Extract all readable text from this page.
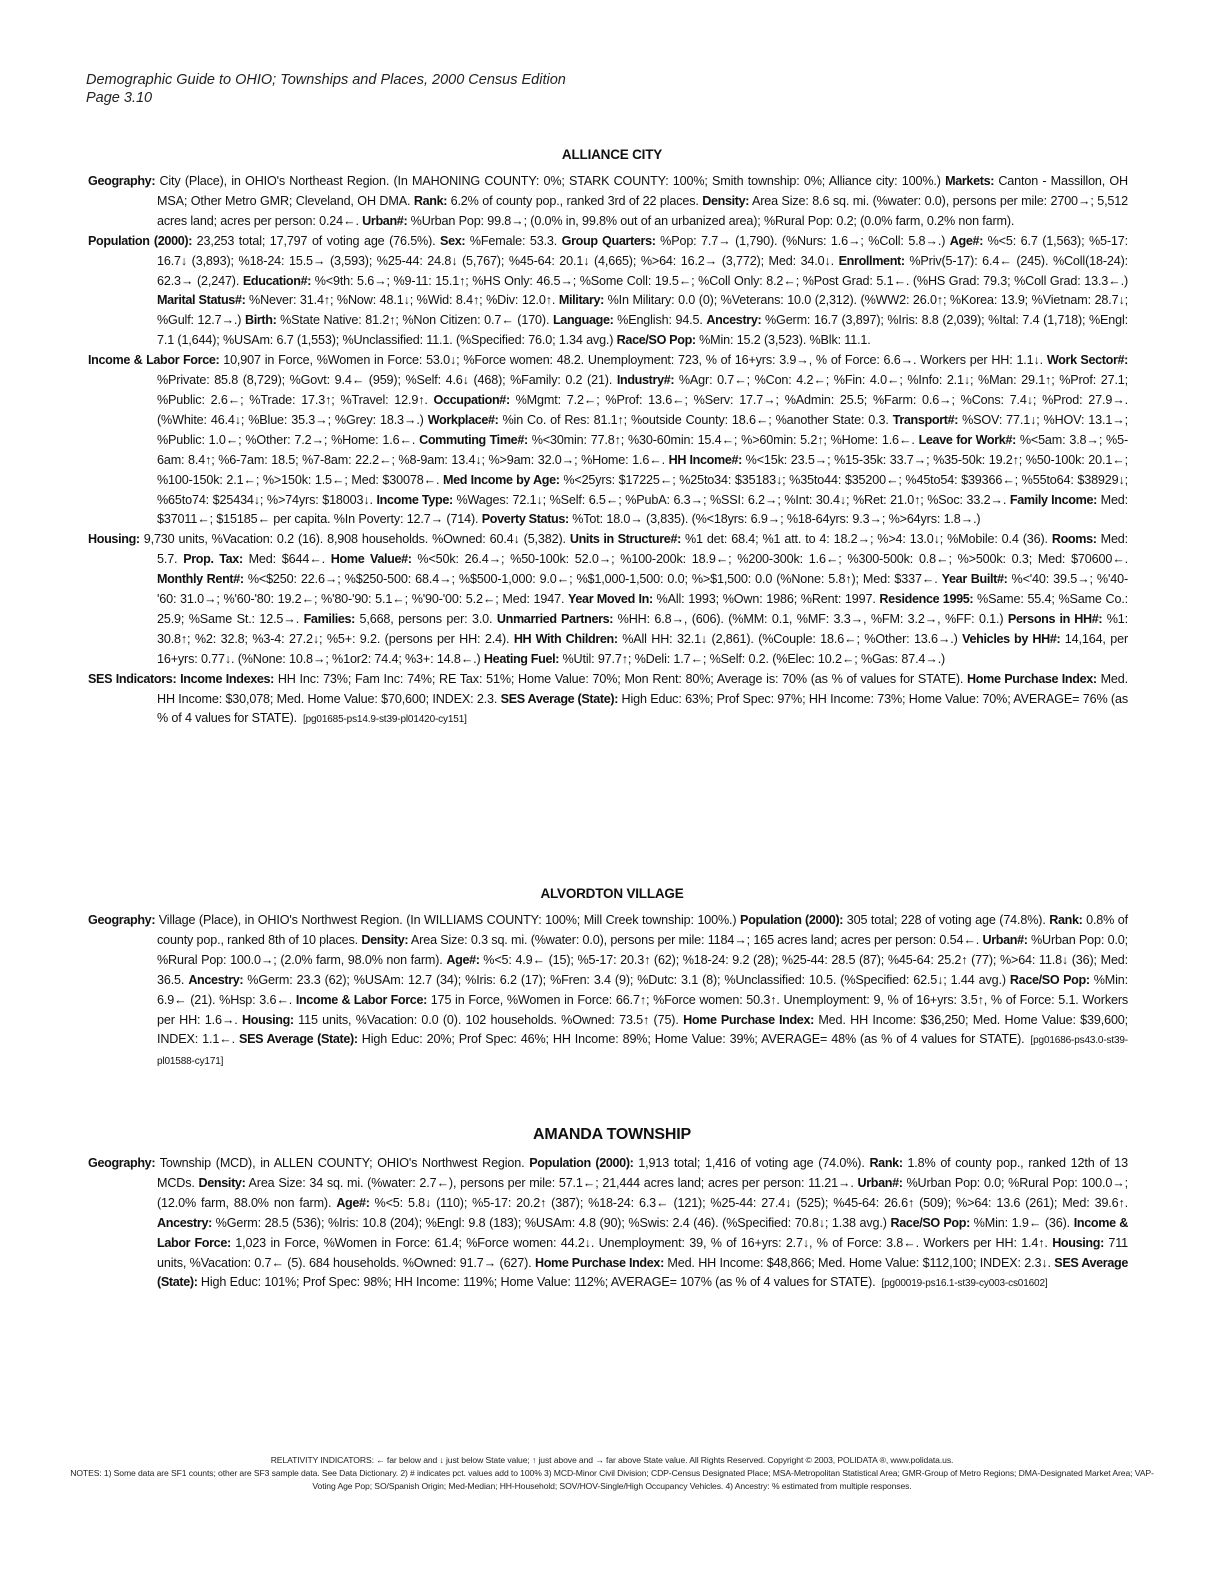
Demographic Guide to OHIO; Townships and Places, 2000 Census Edition
Page 3.10
ALLIANCE CITY

Geography: City (Place), in OHIO's Northeast Region. (In MAHONING COUNTY: 0%; STARK COUNTY: 100%; Smith township: 0%; Alliance city: 100%.) Markets: Canton - Massillon, OH MSA; Other Metro GMR; Cleveland, OH DMA. Rank: 6.2% of county pop., ranked 3rd of 22 places. Density: Area Size: 8.6 sq. mi. (%water: 0.0), persons per mile: 2700→; 5,512 acres land; acres per person: 0.24←. Urban#: %Urban Pop: 99.8→; (0.0% in, 99.8% out of an urbanized area); %Rural Pop: 0.2; (0.0% farm, 0.2% non farm).

Population (2000): 23,253 total; 17,797 of voting age (76.5%). Sex: %Female: 53.3. Group Quarters: %Pop: 7.7→ (1,790). (%Nurs: 1.6→; %Coll: 5.8→.) Age#: %<5: 6.7 (1,563); %5-17: 16.7↓ (3,893); %18-24: 15.5→ (3,593); %25-44: 24.8↓ (5,767); %45-64: 20.1↓ (4,665); %>64: 16.2→ (3,772); Med: 34.0↓. Enrollment: %Priv(5-17): 6.4← (245). %Coll(18-24): 62.3→ (2,247). Education#: %<9th: 5.6→; %9-11: 15.1↑; %HS Only: 46.5→; %Some Coll: 19.5←; %Coll Only: 8.2←; %Post Grad: 5.1←. (%HS Grad: 79.3; %Coll Grad: 13.3←.) Marital Status#: %Never: 31.4↑; %Now: 48.1↓; %Wid: 8.4↑; %Div: 12.0↑. Military: %In Military: 0.0 (0); %Veterans: 10.0 (2,312). (%WW2: 26.0↑; %Korea: 13.9; %Vietnam: 28.7↓; %Gulf: 12.7→.) Birth: %State Native: 81.2↑; %Non Citizen: 0.7← (170). Language: %English: 94.5. Ancestry: %Germ: 16.7 (3,897); %Iris: 8.8 (2,039); %Ital: 7.4 (1,718); %Engl: 7.1 (1,644); %USAm: 6.7 (1,553); %Unclassified: 11.1. (%Specified: 76.0; 1.34 avg.) Race/SO Pop: %Min: 15.2 (3,523). %Blk: 11.1.

Income & Labor Force: 10,907 in Force, %Women in Force: 53.0↓; %Force women: 48.2. Unemployment: 723, % of 16+yrs: 3.9→, % of Force: 6.6→. Workers per HH: 1.1↓. Work Sector#: %Private: 85.8 (8,729); %Govt: 9.4← (959); %Self: 4.6↓ (468); %Family: 0.2 (21). Industry#: %Agr: 0.7←; %Con: 4.2←; %Fin: 4.0←; %Info: 2.1↓; %Man: 29.1↑; %Prof: 27.1; %Public: 2.6←; %Trade: 17.3↑; %Travel: 12.9↑. Occupation#: %Mgmt: 7.2←; %Prof: 13.6←; %Serv: 17.7→; %Admin: 25.5; %Farm: 0.6→; %Cons: 7.4↓; %Prod: 27.9→. (%White: 46.4↓; %Blue: 35.3→; %Grey: 18.3→.) Workplace#: %in Co. of Res: 81.1↑; %outside County: 18.6←; %another State: 0.3. Transport#: %SOV: 77.1↓; %HOV: 13.1→; %Public: 1.0←; %Other: 7.2→; %Home: 1.6←. Commuting Time#: %<30min: 77.8↑; %30-60min: 15.4←; %>60min: 5.2↑; %Home: 1.6←. Leave for Work#: %<5am: 3.8→; %5-6am: 8.4↑; %6-7am: 18.5; %7-8am: 22.2←; %8-9am: 13.4↓; %>9am: 32.0→; %Home: 1.6←. HH Income#: %<15k: 23.5→; %15-35k: 33.7→; %35-50k: 19.2↑; %50-100k: 20.1←; %100-150k: 2.1←; %>150k: 1.5←; Med: $30078←. Med Income by Age: %<25yrs: $17225←; %25to34: $35183↓; %35to44: $35200←; %45to54: $39366←; %55to64: $38929↓; %65to74: $25434↓; %>74yrs: $18003↓. Income Type: %Wages: 72.1↓; %Self: 6.5←; %PubA: 6.3→; %SSI: 6.2→; %Int: 30.4↓; %Ret: 21.0↑; %Soc: 33.2→. Family Income: Med: $37011←; $15185← per capita. %In Poverty: 12.7→ (714). Poverty Status: %Tot: 18.0→ (3,835). (%<18yrs: 6.9→; %18-64yrs: 9.3→; %>64yrs: 1.8→.)

Housing: 9,730 units, %Vacation: 0.2 (16). 8,908 households. %Owned: 60.4↓ (5,382). Units in Structure#: %1 det: 68.4; %1 att. to 4: 18.2→; %>4: 13.0↓; %Mobile: 0.4 (36). Rooms: Med: 5.7. Prop. Tax: Med: $644←. Home Value#: %<50k: 26.4→; %50-100k: 52.0→; %100-200k: 18.9←; %200-300k: 1.6←; %300-500k: 0.8←; %>500k: 0.3; Med: $70600←. Monthly Rent#: %<$250: 22.6→; %$250-500: 68.4→; %$500-1,000: 9.0←; %$1,000-1,500: 0.0; %>$1,500: 0.0 (%None: 5.8↑); Med: $337←. Year Built#: %<'40: 39.5→; %'40-'60: 31.0→; %'60-'80: 19.2←; %'80-'90: 5.1←; %'90-'00: 5.2←; Med: 1947. Year Moved In: %All: 1993; %Own: 1986; %Rent: 1997. Residence 1995: %Same: 55.4; %Same Co.: 25.9; %Same St.: 12.5→. Families: 5,668, persons per: 3.0. Unmarried Partners: %HH: 6.8→, (606). (%MM: 0.1, %MF: 3.3→, %FM: 3.2→, %FF: 0.1.) Persons in HH#: %1: 30.8↑; %2: 32.8; %3-4: 27.2↓; %5+: 9.2. (persons per HH: 2.4). HH With Children: %All HH: 32.1↓ (2,861). (%Couple: 18.6←; %Other: 13.6→.) Vehicles by HH#: 14,164, per 16+yrs: 0.77↓. (%None: 10.8→; %1or2: 74.4; %3+: 14.8←.) Heating Fuel: %Util: 97.7↑; %Deli: 1.7←; %Self: 0.2. (%Elec: 10.2←; %Gas: 87.4→.)

SES Indicators: Income Indexes: HH Inc: 73%; Fam Inc: 74%; RE Tax: 51%; Home Value: 70%; Mon Rent: 80%; Average is: 70% (as % of values for STATE). Home Purchase Index: Med. HH Income: $30,078; Med. Home Value: $70,600; INDEX: 2.3. SES Average (State): High Educ: 63%; Prof Spec: 97%; HH Income: 73%; Home Value: 70%; AVERAGE= 76% (as % of 4 values for STATE). [pg01685-ps14.9-st39-pl01420-cy151]

ALVORDTON VILLAGE

Geography: Village (Place), in OHIO's Northwest Region. (In WILLIAMS COUNTY: 100%; Mill Creek township: 100%.) Population (2000): 305 total; 228 of voting age (74.8%). Rank: 0.8% of county pop., ranked 8th of 10 places. Density: Area Size: 0.3 sq. mi. (%water: 0.0), persons per mile: 1184→; 165 acres land; acres per person: 0.54←. Urban#: %Urban Pop: 0.0; %Rural Pop: 100.0→; (2.0% farm, 98.0% non farm). Age#: %<5: 4.9← (15); %5-17: 20.3↑ (62); %18-24: 9.2 (28); %25-44: 28.5 (87); %45-64: 25.2↑ (77); %>64: 11.8↓ (36); Med: 36.5. Ancestry: %Germ: 23.3 (62); %USAm: 12.7 (34); %Iris: 6.2 (17); %Fren: 3.4 (9); %Dutc: 3.1 (8); %Unclassified: 10.5. (%Specified: 62.5↓; 1.44 avg.) Race/SO Pop: %Min: 6.9← (21). %Hsp: 3.6←. Income & Labor Force: 175 in Force, %Women in Force: 66.7↑; %Force women: 50.3↑. Unemployment: 9, % of 16+yrs: 3.5↑, % of Force: 5.1. Workers per HH: 1.6→. Housing: 115 units, %Vacation: 0.0 (0). 102 households. %Owned: 73.5↑ (75). Home Purchase Index: Med. HH Income: $36,250; Med. Home Value: $39,600; INDEX: 1.1←. SES Average (State): High Educ: 20%; Prof Spec: 46%; HH Income: 89%; Home Value: 39%; AVERAGE= 48% (as % of 4 values for STATE). [pg01686-ps43.0-st39-pl01588-cy171]

AMANDA TOWNSHIP

Geography: Township (MCD), in ALLEN COUNTY; OHIO's Northwest Region. Population (2000): 1,913 total; 1,416 of voting age (74.0%). Rank: 1.8% of county pop., ranked 12th of 13 MCDs. Density: Area Size: 34 sq. mi. (%water: 2.7←), persons per mile: 57.1←; 21,444 acres land; acres per person: 11.21→. Urban#: %Urban Pop: 0.0; %Rural Pop: 100.0→; (12.0% farm, 88.0% non farm). Age#: %<5: 5.8↓ (110); %5-17: 20.2↑ (387); %18-24: 6.3← (121); %25-44: 27.4↓ (525); %45-64: 26.6↑ (509); %>64: 13.6 (261); Med: 39.6↑. Ancestry: %Germ: 28.5 (536); %Iris: 10.8 (204); %Engl: 9.8 (183); %USAm: 4.8 (90); %Swis: 2.4 (46). (%Specified: 70.8↓; 1.38 avg.) Race/SO Pop: %Min: 1.9← (36). Income & Labor Force: 1,023 in Force, %Women in Force: 61.4; %Force women: 44.2↓. Unemployment: 39, % of 16+yrs: 2.7↓, % of Force: 3.8←. Workers per HH: 1.4↑. Housing: 711 units, %Vacation: 0.7← (5). 684 households. %Owned: 91.7→ (627). Home Purchase Index: Med. HH Income: $48,866; Med. Home Value: $112,100; INDEX: 2.3↓. SES Average (State): High Educ: 101%; Prof Spec: 98%; HH Income: 119%; Home Value: 112%; AVERAGE= 107% (as % of 4 values for STATE). [pg00019-ps16.1-st39-cy003-cs01602]

RELATIVITY INDICATORS: ← far below and ↓ just below State value; ↑ just above and → far above State value. All Rights Reserved. Copyright © 2003, POLIDATA ®, www.polidata.us.
NOTES: 1) Some data are SF1 counts; other are SF3 sample data. See Data Dictionary. 2) # indicates pct. values add to 100% 3) MCD-Minor Civil Division; CDP-Census Designated Place; MSA-Metropolitan Statistical Area; GMR-Group of Metro Regions; DMA-Designated Market Area; VAP-Voting Age Pop; SO/Spanish Origin; Med-Median; HH-Household; SOV/HOV-Single/High Occupancy Vehicles. 4) Ancestry: % estimated from multiple responses.
